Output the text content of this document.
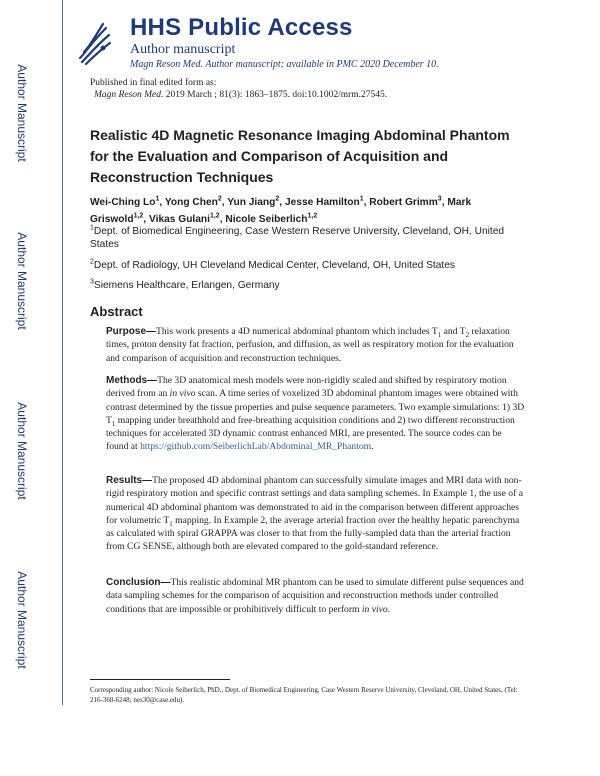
Author Manuscript
Author Manuscript
Author Manuscript
Author Manuscript
HHS Public Access
Author manuscript
Magn Reson Med. Author manuscript; available in PMC 2020 December 10.
Published in final edited form as:
Magn Reson Med. 2019 March ; 81(3): 1863–1875. doi:10.1002/mrm.27545.
Realistic 4D Magnetic Resonance Imaging Abdominal Phantom for the Evaluation and Comparison of Acquisition and Reconstruction Techniques
Wei-Ching Lo$^1$, Yong Chen$^2$, Yun Jiang$^2$, Jesse Hamilton$^1$, Robert Grimm$^3$, Mark Griswold$^{1,2}$, Vikas Gulani$^{1,2}$, Nicole Seiberlich$^{1,2}$
$^1$Dept. of Biomedical Engineering, Case Western Reserve University, Cleveland, OH, United States
$^2$Dept. of Radiology, UH Cleveland Medical Center, Cleveland, OH, United States
$^3$Siemens Healthcare, Erlangen, Germany
Abstract
Purpose—This work presents a 4D numerical abdominal phantom which includes $T_1$ and $T_2$ relaxation times, proton density fat fraction, perfusion, and diffusion, as well as respiratory motion for the evaluation and comparison of acquisition and reconstruction techniques.
Methods—The 3D anatomical mesh models were non-rigidly scaled and shifted by respiratory motion derived from an in vivo scan. A time series of voxelized 3D abdominal phantom images were obtained with contrast determined by the tissue properties and pulse sequence parameters. Two example simulations: 1) 3D $T_1$ mapping under breathhold and free-breathing acquisition conditions and 2) two different reconstruction techniques for accelerated 3D dynamic contrast enhanced MRI, are presented. The source codes can be found at https://github.com/SeiberlichLab/Abdominal_MR_Phantom.
Results—The proposed 4D abdominal phantom can successfully simulate images and MRI data with non-rigid respiratory motion and specific contrast settings and data sampling schemes. In Example 1, the use of a numerical 4D abdominal phantom was demonstrated to aid in the comparison between different approaches for volumetric $T_1$ mapping. In Example 2, the average arterial fraction over the healthy hepatic parenchyma as calculated with spiral GRAPPA was closer to that from the fully-sampled data than the arterial fraction from CG SENSE, although both are elevated compared to the gold-standard reference.
Conclusion—This realistic abdominal MR phantom can be used to simulate different pulse sequences and data sampling schemes for the comparison of acquisition and reconstruction methods under controlled conditions that are impossible or prohibitively difficult to perform in vivo.
Corresponding author: Nicole Seiberlich, PhD., Dept. of Biomedical Engineering, Case Western Reserve University, Cleveland, OH, United States, (Tel: 216-368-6248; nes30@case.edu).
